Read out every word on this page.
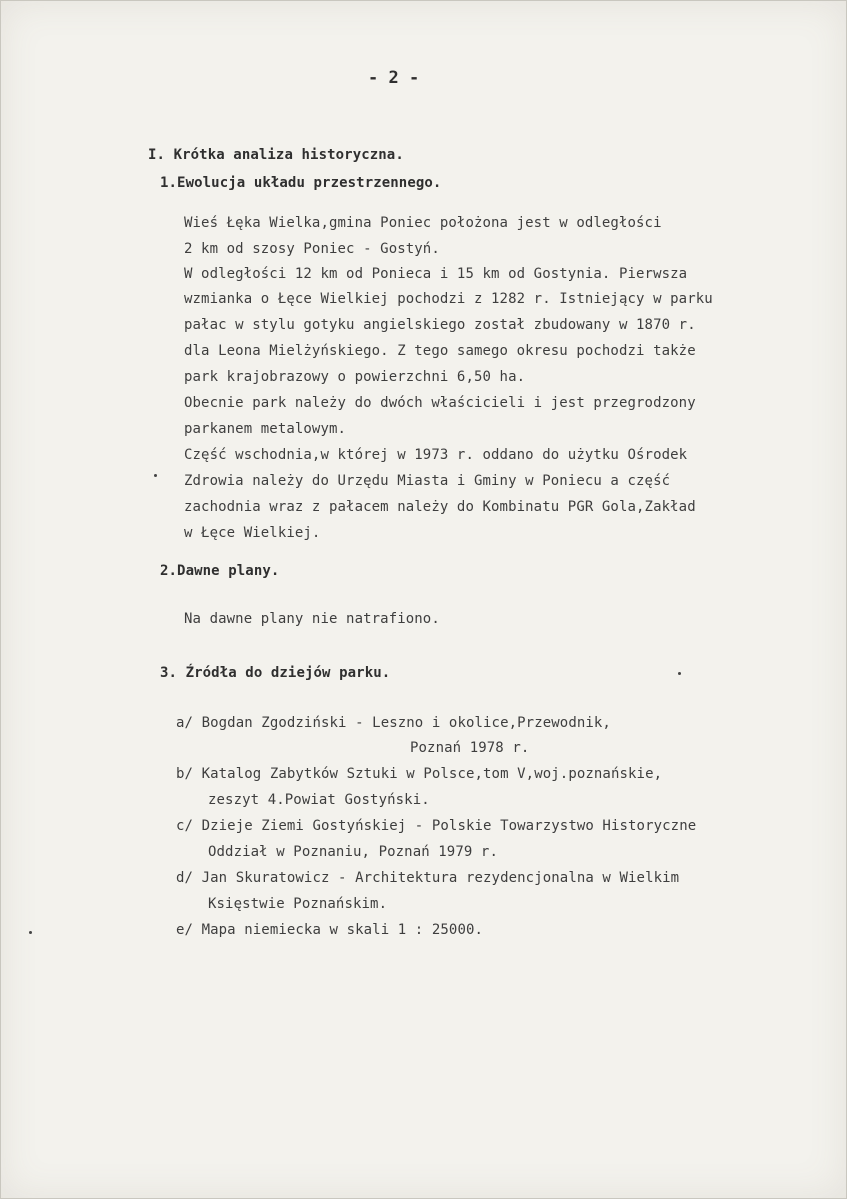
- 2 -
I. Krótka analiza historyczna.
1.Ewolucja układu przestrzennego.
Wieś Łęka Wielka,gmina Poniec położona jest w odległości
2 km od szosy Poniec - Gostyń.
W odległości 12 km od Ponieca i 15 km od Gostynia. Pierwsza
wzmianka o Łęce Wielkiej pochodzi z 1282 r. Istniejący w parku
pałac w stylu gotyku angielskiego został zbudowany w 1870 r.
dla Leona Mielżyńskiego. Z tego samego okresu pochodzi także
park krajobrazowy o powierzchni 6,50 ha.
Obecnie park należy do dwóch właścicieli i jest przegrodzony
parkanem metalowym.
Część wschodnia,w której w 1973 r. oddano do użytku Ośrodek
Zdrowia należy do Urzędu Miasta i Gminy w Poniecu a część
zachodnia wraz z pałacem należy do Kombinatu PGR Gola,Zakład
w Łęce Wielkiej.
2.Dawne plany.
Na dawne plany nie natrafiono.
3. Źródła do dziejów parku.
a/ Bogdan Zgodziński - Leszno i okolice,Przewodnik,
Poznań 1978 r.
b/ Katalog Zabytków Sztuki w Polsce,tom V,woj.poznańskie,
zeszyt 4.Powiat Gostyński.
c/ Dzieje Ziemi Gostyńskiej - Polskie Towarzystwo Historyczne
Oddział w Poznaniu, Poznań 1979 r.
d/ Jan Skuratowicz - Architektura rezydencjonalna w Wielkim
Księstwie Poznańskim.
e/ Mapa niemiecka w skali 1 : 25000.
